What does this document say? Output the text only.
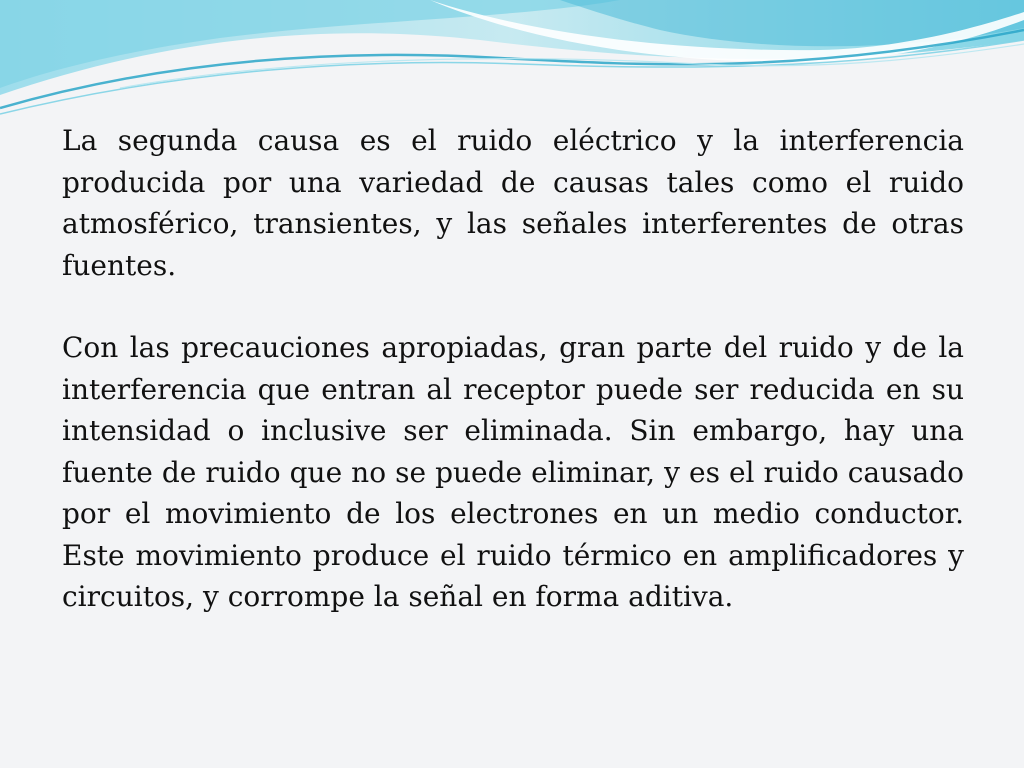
La segunda causa es el ruido eléctrico y la interferencia producida por una variedad de causas tales como el ruido atmosférico, transientes, y las señales interferentes de otras fuentes.

Con las precauciones apropiadas, gran parte del ruido y de la interferencia que entran al receptor puede ser reducida en su intensidad o inclusive ser eliminada. Sin embargo, hay una fuente de ruido que no se puede eliminar, y es el ruido causado por el movimiento de los electrones en un medio conductor. Este movimiento produce el ruido térmico en amplificadores y circuitos, y corrompe la señal en forma aditiva.
